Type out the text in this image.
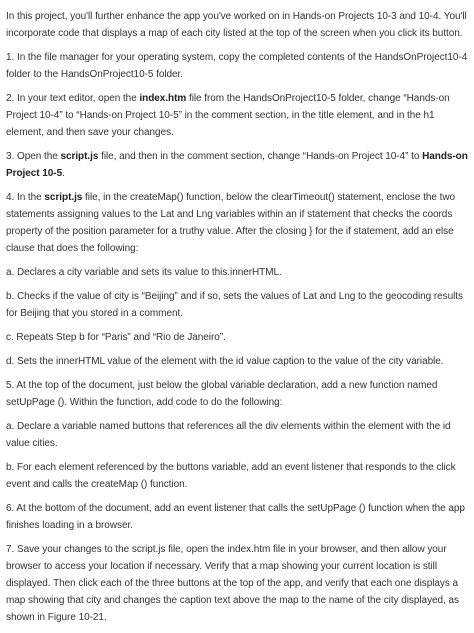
In this project, you'll further enhance the app you've worked on in Hands-on Projects 10-3 and 10-4. You'll incorporate code that displays a map of each city listed at the top of the screen when you click its button.

1. In the file manager for your operating system, copy the completed contents of the HandsOnProject10-4 folder to the HandsOnProject10-5 folder.

2. In your text editor, open the index.htm file from the HandsOnProject10-5 folder, change “Hands-on Project 10-4” to “Hands-on Project 10-5” in the comment section, in the title element, and in the h1 element, and then save your changes.

3. Open the script.js file, and then in the comment section, change “Hands-on Project 10-4” to Hands-on Project 10-5.

4. In the script.js file, in the createMap() function, below the clearTimeout() statement, enclose the two statements assigning values to the Lat and Lng variables within an if statement that checks the coords property of the position parameter for a truthy value. After the closing } for the if statement, add an else clause that does the following:

a. Declares a city variable and sets its value to this.innerHTML.

b. Checks if the value of city is “Beijing” and if so, sets the values of Lat and Lng to the geocoding results for Beijing that you stored in a comment.

c. Repeats Step b for “Paris” and “Rio de Janeiro”.

d. Sets the innerHTML value of the element with the id value caption to the value of the city variable.

5. At the top of the document, just below the global variable declaration, add a new function named setUpPage (). Within the function, add code to do the following:

a. Declare a variable named buttons that references all the div elements within the element with the id value cities.

b. For each element referenced by the buttons variable, add an event listener that responds to the click event and calls the createMap () function.

6. At the bottom of the document, add an event listener that calls the setUpPage () function when the app finishes loading in a browser.

7. Save your changes to the script.js file, open the index.htm file in your browser, and then allow your browser to access your location if necessary. Verify that a map showing your current location is still displayed. Then click each of the three buttons at the top of the app, and verify that each one displays a map showing that city and changes the caption text above the map to the name of the city displayed, as shown in Figure 10-21.
